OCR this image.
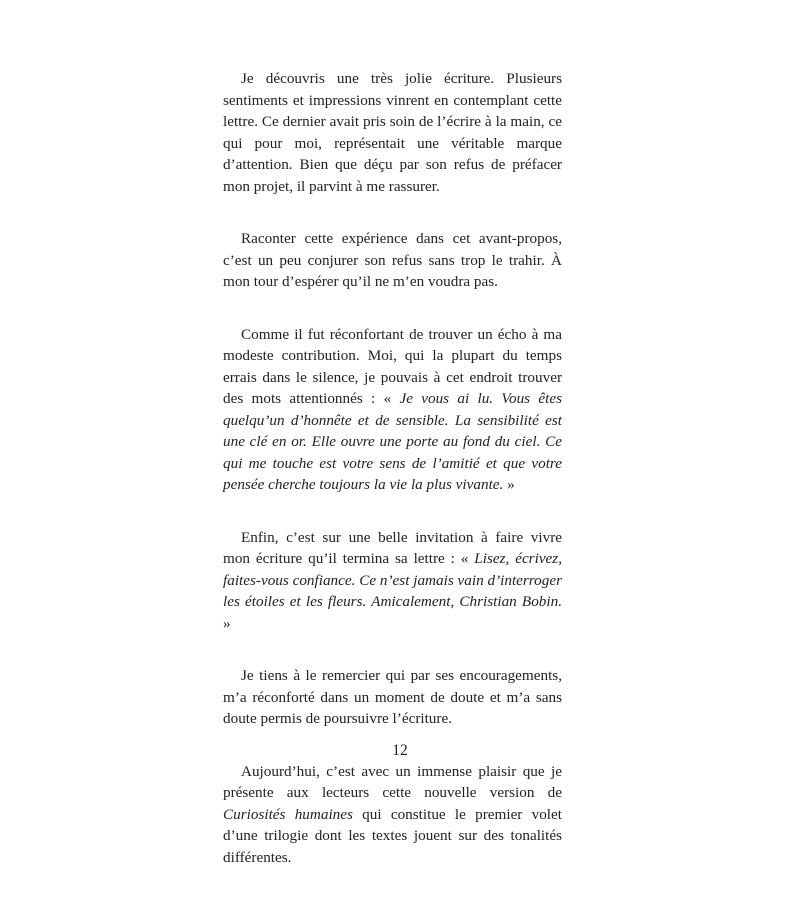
Je découvris une très jolie écriture. Plusieurs sentiments et impressions vinrent en contemplant cette lettre. Ce dernier avait pris soin de l’écrire à la main, ce qui pour moi, représentait une véritable marque d’attention. Bien que déçu par son refus de préfacer mon projet, il parvint à me rassurer.

Raconter cette expérience dans cet avant-propos, c’est un peu conjurer son refus sans trop le trahir. À mon tour d’espérer qu’il ne m’en voudra pas.

Comme il fut réconfortant de trouver un écho à ma modeste contribution. Moi, qui la plupart du temps errais dans le silence, je pouvais à cet endroit trouver des mots attentionnés : « Je vous ai lu. Vous êtes quelqu’un d’honnête et de sensible. La sensibilité est une clé en or. Elle ouvre une porte au fond du ciel. Ce qui me touche est votre sens de l’amitié et que votre pensée cherche toujours la vie la plus vivante. »

Enfin, c’est sur une belle invitation à faire vivre mon écriture qu’il termina sa lettre : « Lisez, écrivez, faites-vous confiance. Ce n’est jamais vain d’interroger les étoiles et les fleurs. Amicalement, Christian Bobin. »

Je tiens à le remercier qui par ses encouragements, m’a réconforté dans un moment de doute et m’a sans doute permis de poursuivre l’écriture.

Aujourd’hui, c’est avec un immense plaisir que je présente aux lecteurs cette nouvelle version de Curiosités humaines qui constitue le premier volet d’une trilogie dont les textes jouent sur des tonalités différentes.

12
